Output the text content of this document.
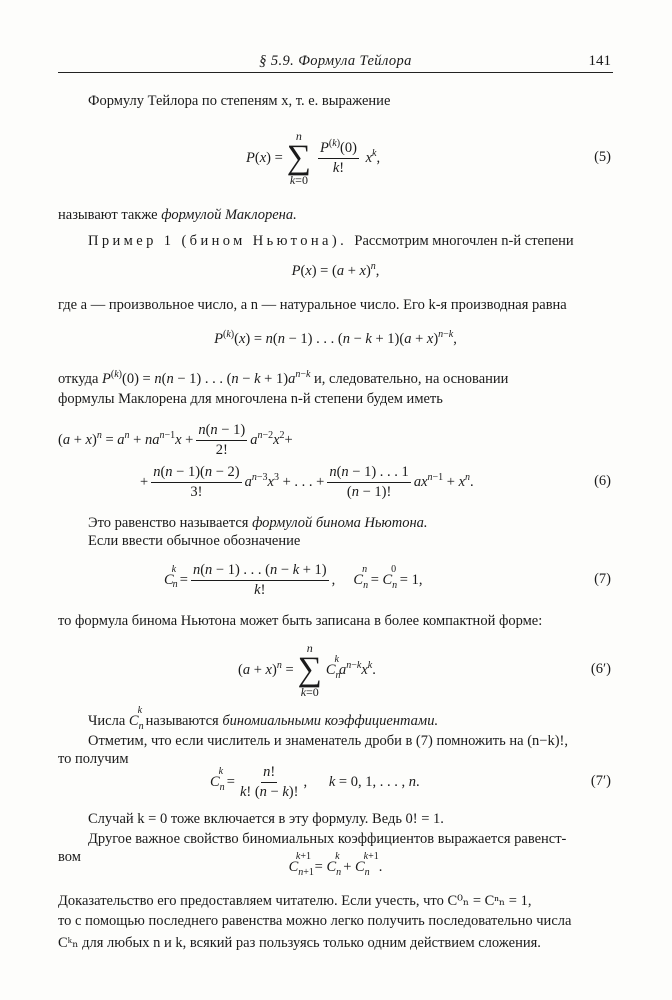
§ 5.9. Формула Тейлора	141
Формулу Тейлора по степеням x, т. е. выражение
P(x) =
n
∑
k=0
$\frac{P^{(k)}(0)}{k!} x^k$,	(5)
называют также формулой Маклорена.
Пример 1 (бином Ньютона). Рассмотрим многочлен n-й степени
$P(x) = (a + x)^n$,
где a — произвольное число, а n — натуральное число. Его k-я производная равна
$P^{(k)}(x) = n(n - 1)$ . . . $(n - k + 1)(a + x)^{n-k}$,
откуда $P^{(k)}(0) = n(n - 1)$ . . . $(n - k + 1)a^{n-k}$ и, следовательно, на основании
формулы Маклорена для многочлена n-й степени будем иметь
$(a + x)^n = a^n + na^{n-1}x + \frac{n(n - 1)}{2!} a^{n-2}x^2+$
+ $\frac{n(n - 1)(n - 2)}{3!} a^{n-3}x^3$ + . . . + $\frac{n(n - 1) . . . 1}{(n - 1)!} ax^{n-1} + x^n$.	(6)
Это равенство называется формулой бинома Ньютона.
Если ввести обычное обозначение
$C_n^k = \frac{n(n - 1) . . . (n - k + 1)}{k!}$ ,     $C_n^n = C_n^0 = 1$,	(7)
то формула бинома Ньютона может быть записана в более компактной форме:
$(a + x)^n$ =
n
∑
k=0
$C_n^ka^{n-k}x^k$.	(6′)
Числа $C_n^k$ называются биномиальными коэффициентами.
Отметим, что если числитель и знаменатель дроби в (7) помножить на (n−k)!,
то получим
$C_n^k = \frac{n!}{k! (n - k)!}$ ,      k = 0, 1, . . . , n.	(7′)
Случай k = 0 тоже включается в эту формулу. Ведь 0! = 1.
Другое важное свойство биномиальных коэффициентов выражается равенст-
вом
$C_{n+1}^{k+1} = C_n^k + C_n^{k+1}$.
Доказательство его предоставляем читателю. Если учесть, что C⁰ₙ = Cⁿₙ = 1,
то с помощью последнего равенства можно легко получить последовательно числа
Cᵏₙ для любых n и k, всякий раз пользуясь только одним действием сложения.
